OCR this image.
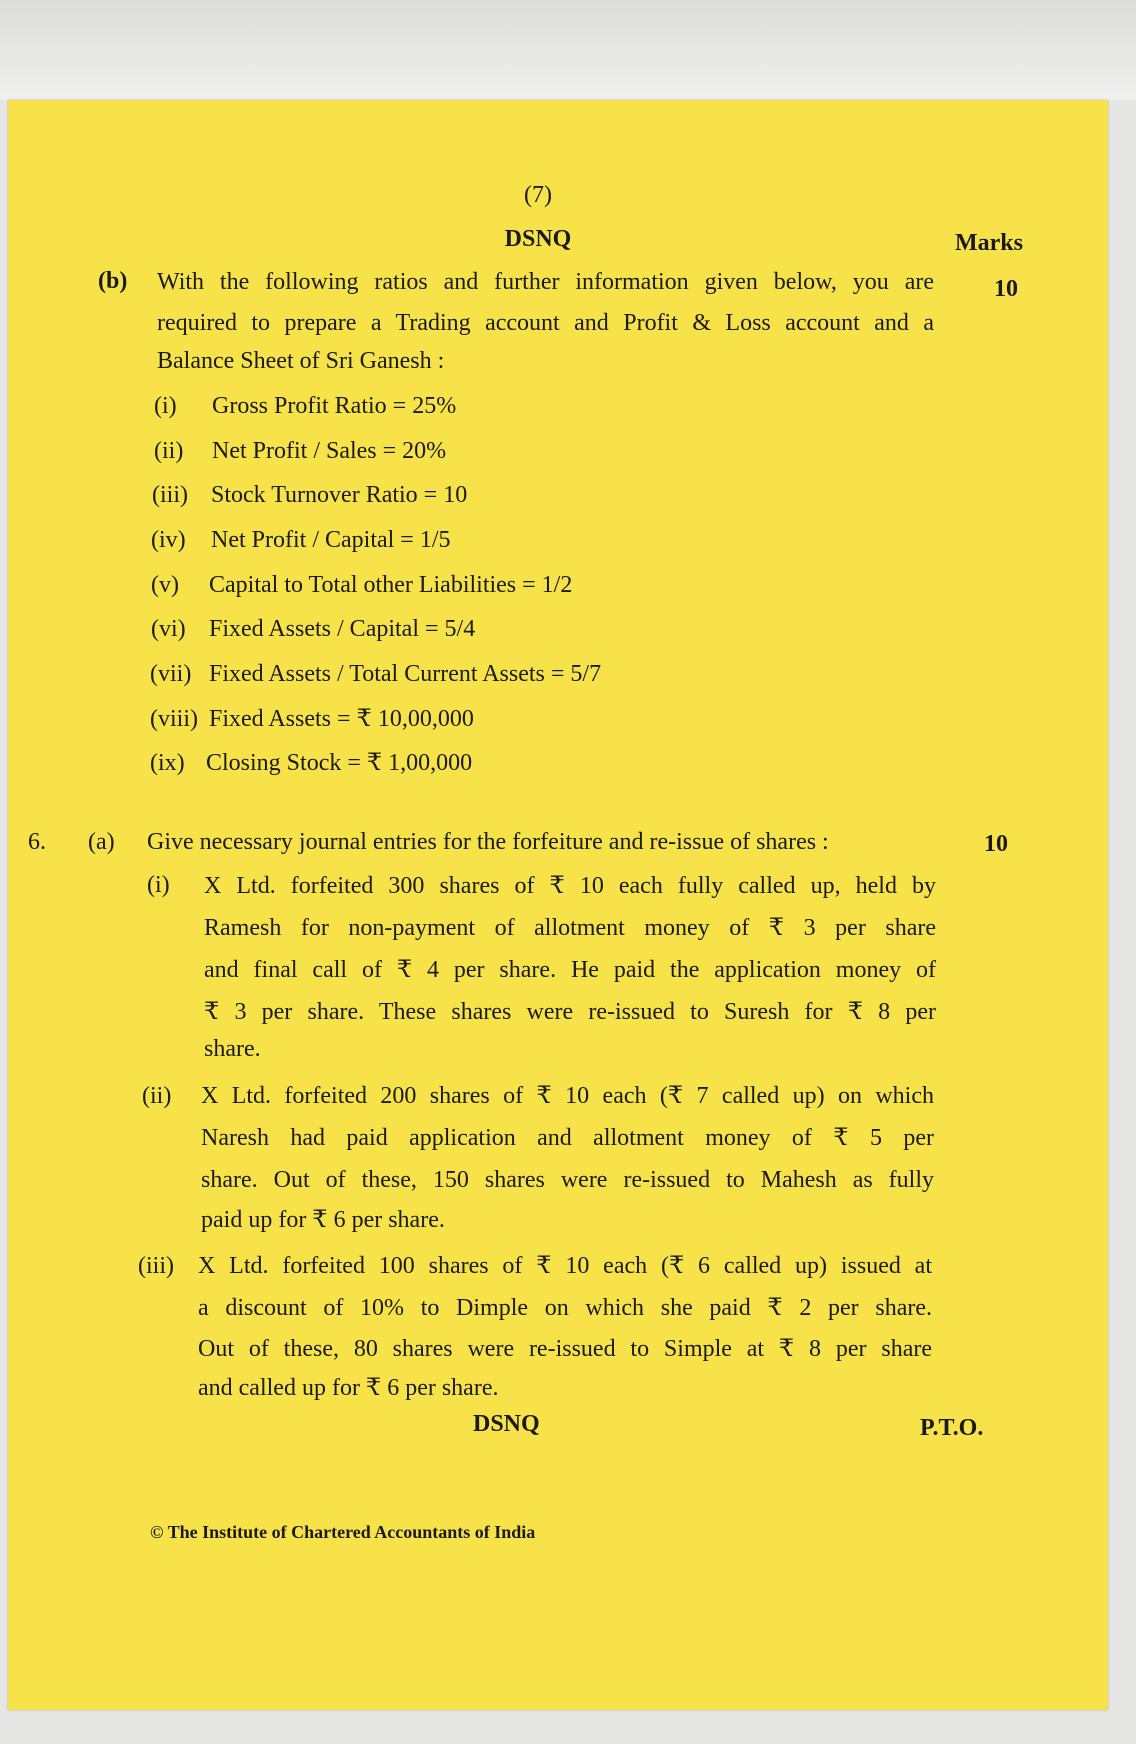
(7)
DSNQ	Marks
(b)	10
With the following ratios and further information given below, you are
required to prepare a Trading account and Profit & Loss account and a
Balance Sheet of Sri Ganesh :
(i) Gross Profit Ratio = 25%
(ii) Net Profit / Sales = 20%
(iii) Stock Turnover Ratio = 10
(iv) Net Profit / Capital = 1/5
(v) Capital to Total other Liabilities = 1/2
(vi) Fixed Assets / Capital = 5/4
(vii) Fixed Assets / Total Current Assets = 5/7
(viii) Fixed Assets = ₹ 10,00,000
(ix) Closing Stock = ₹ 1,00,000
6. (a) Give necessary journal entries for the forfeiture and re-issue of shares :	10
(i) X Ltd. forfeited 300 shares of ₹ 10 each fully called up, held by
Ramesh for non-payment of allotment money of ₹ 3 per share
and final call of ₹ 4 per share. He paid the application money of
₹ 3 per share. These shares were re-issued to Suresh for ₹ 8 per
share.
(ii) X Ltd. forfeited 200 shares of ₹ 10 each (₹ 7 called up) on which
Naresh had paid application and allotment money of ₹ 5 per
share. Out of these, 150 shares were re-issued to Mahesh as fully
paid up for ₹ 6 per share.
(iii) X Ltd. forfeited 100 shares of ₹ 10 each (₹ 6 called up) issued at
a discount of 10% to Dimple on which she paid ₹ 2 per share.
Out of these, 80 shares were re-issued to Simple at ₹ 8 per share
and called up for ₹ 6 per share.
DSNQ	P.T.O.
© The Institute of Chartered Accountants of India
